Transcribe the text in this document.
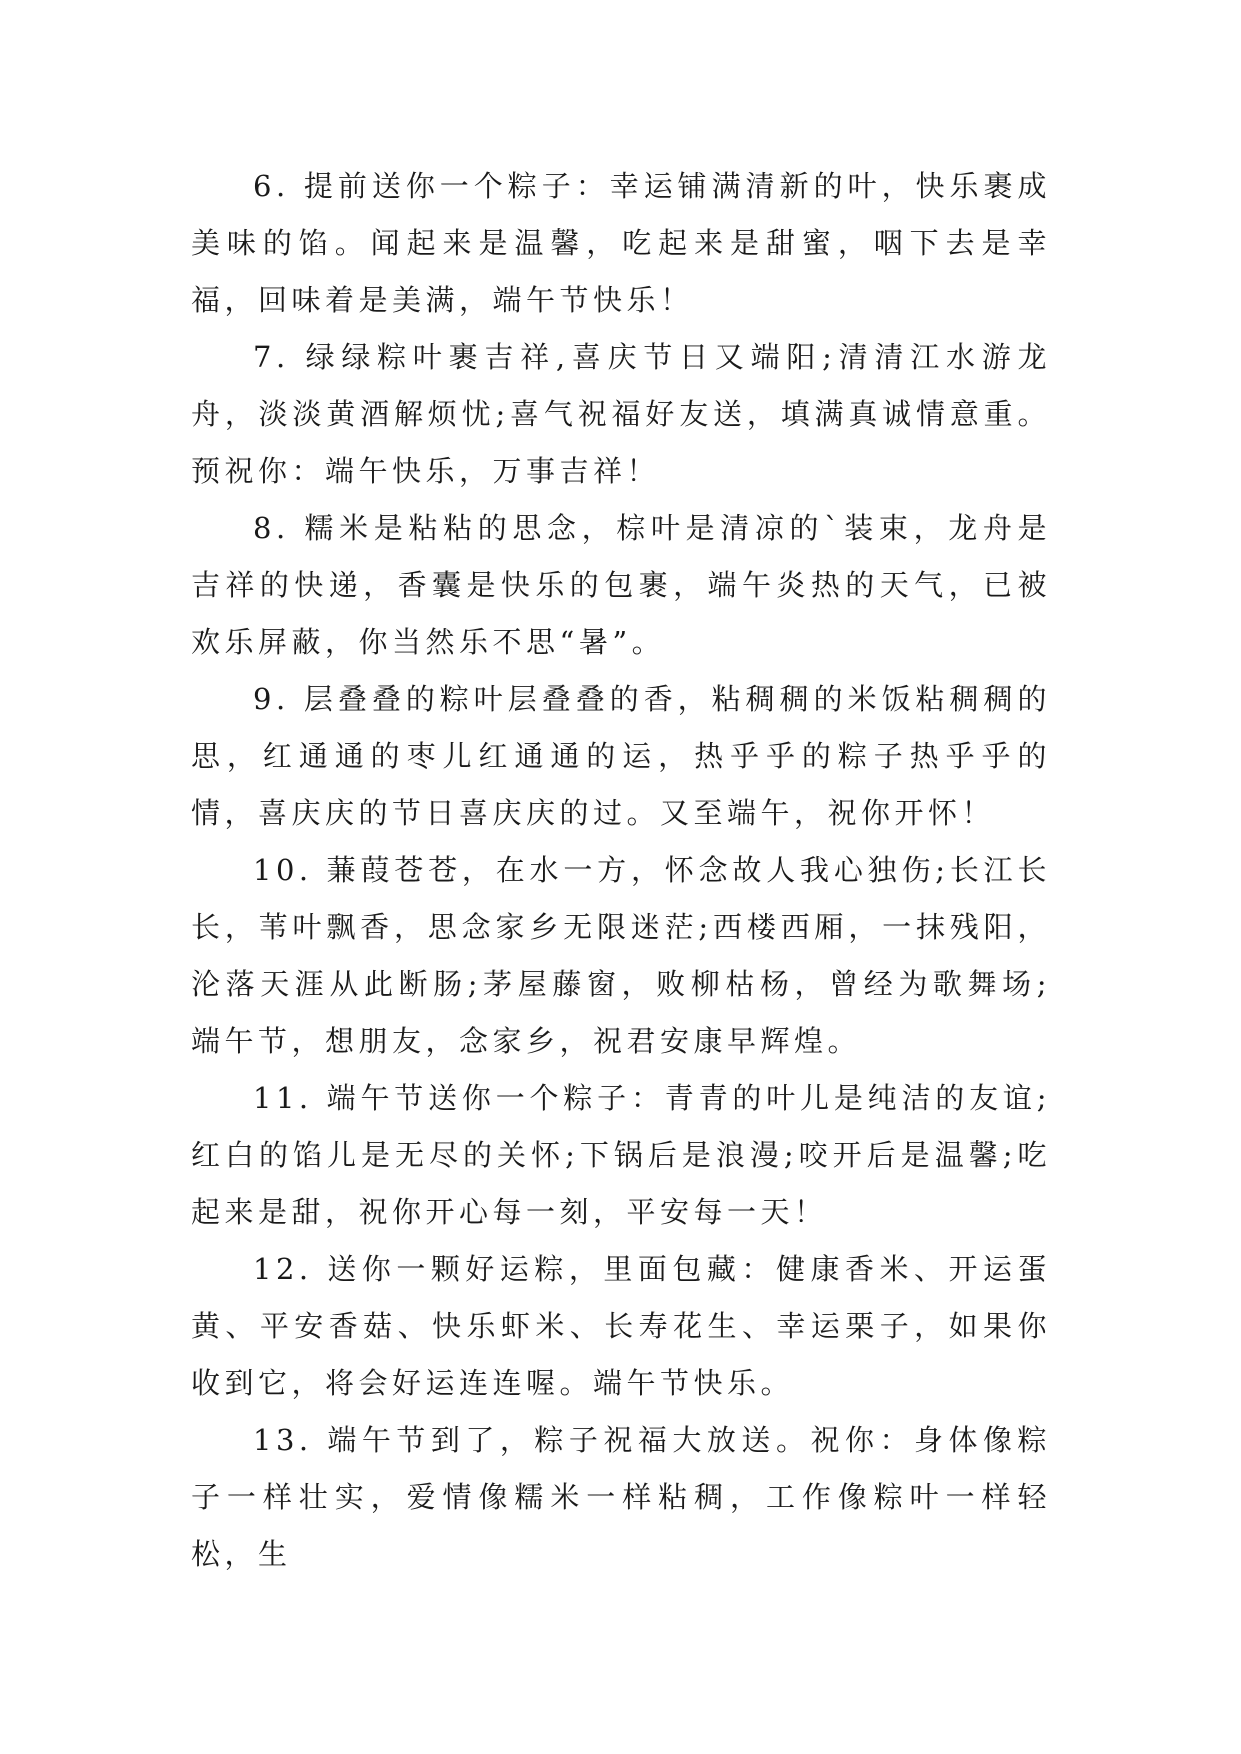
6. 提前送你一个粽子：幸运铺满清新的叶，快乐裹成美味的馅。闻起来是温馨，吃起来是甜蜜，咽下去是幸福，回味着是美满，端午节快乐！

7. 绿绿粽叶裹吉祥,喜庆节日又端阳;清清江水游龙舟，淡淡黄酒解烦忧;喜气祝福好友送，填满真诚情意重。预祝你：端午快乐，万事吉祥！

8. 糯米是粘粘的思念，棕叶是清凉的`装束，龙舟是吉祥的快递，香囊是快乐的包裹，端午炎热的天气，已被欢乐屏蔽，你当然乐不思“暑”。

9. 层叠叠的粽叶层叠叠的香，粘稠稠的米饭粘稠稠的思，红通通的枣儿红通通的运，热乎乎的粽子热乎乎的情，喜庆庆的节日喜庆庆的过。又至端午，祝你开怀！

10. 蒹葭苍苍，在水一方，怀念故人我心独伤;长江长长，苇叶飘香，思念家乡无限迷茫;西楼西厢，一抹残阳，沦落天涯从此断肠;茅屋藤窗，败柳枯杨，曾经为歌舞场;端午节，想朋友，念家乡，祝君安康早辉煌。

11. 端午节送你一个粽子：青青的叶儿是纯洁的友谊;红白的馅儿是无尽的关怀;下锅后是浪漫;咬开后是温馨;吃起来是甜，祝你开心每一刻，平安每一天！

12. 送你一颗好运粽，里面包藏：健康香米、开运蛋黄、平安香菇、快乐虾米、长寿花生、幸运栗子，如果你收到它，将会好运连连喔。端午节快乐。

13. 端午节到了，粽子祝福大放送。祝你：身体像粽子一样壮实，爱情像糯米一样粘稠，工作像粽叶一样轻松，生
